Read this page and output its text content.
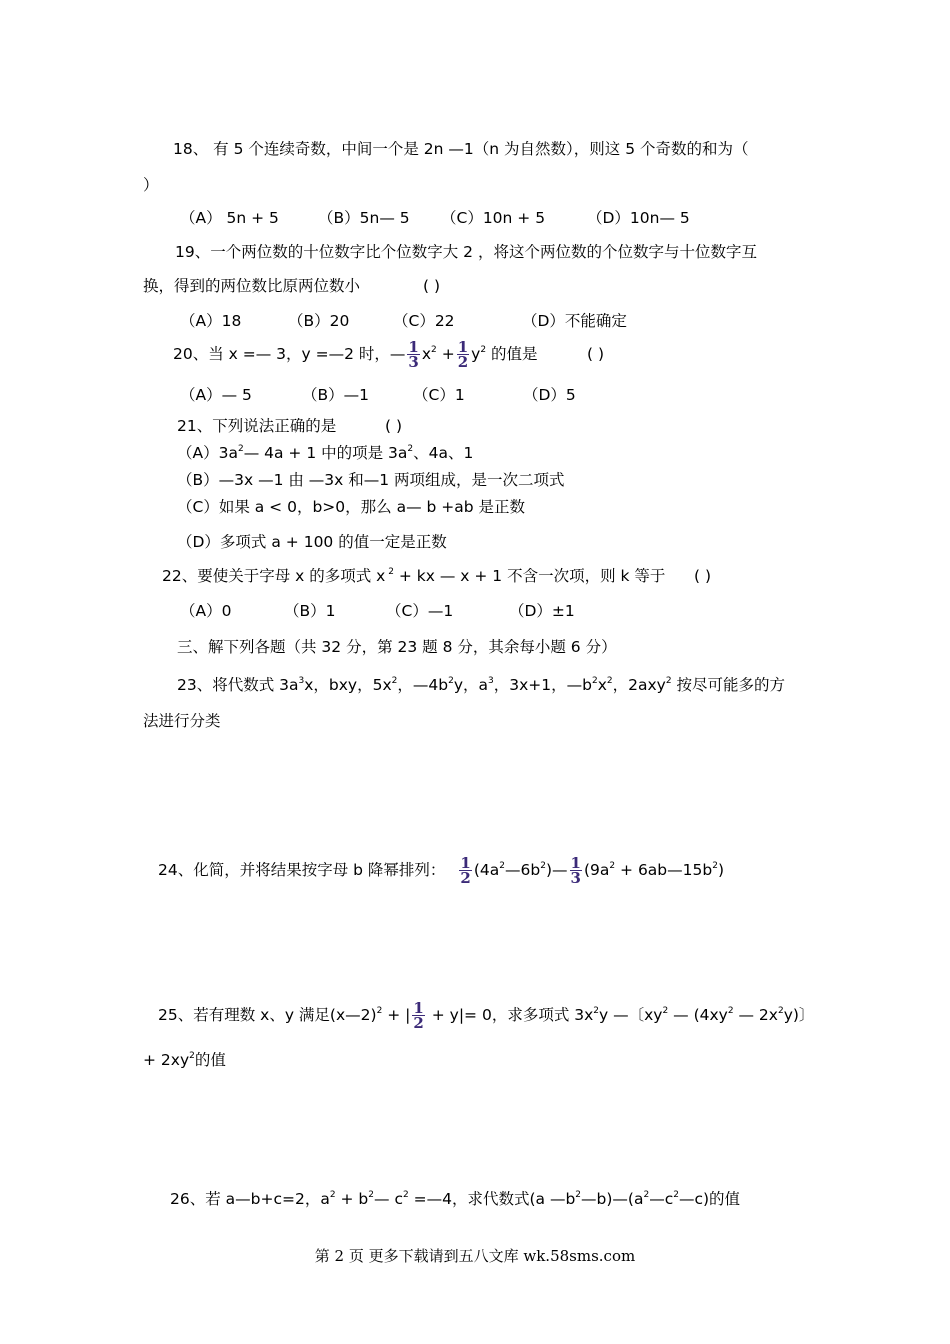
18、 有 5 个连续奇数，中间一个是 2n —1（n 为自然数），则这 5 个奇数的和为（
）
（A） 5n + 5	（B）5n— 5 （C）10n + 5	（D）10n— 5
19、一个两位数的十位数字比个位数字大 2 ，将这个两位数的个位数字与十位数字互
换，得到的两位数比原两位数小	( )
（A）18	（B）20	（C）22	（D）不能确定
20、当 x =— 3，y =—2 时，— $\frac{1}{3} x^2 + \frac{1}{2} y^2$ 的值是	( )
（A）— 5	（B）—1	（C）1	（D）5
21、下列说法正确的是	( )
$(A)3a^2—$ 4a + 1 中的项是 $3a^2$、4a、1
（B）—3x —1 由 —3x 和—1 两项组成，是一次二项式
（C）如果 a < 0，b>0，那么 a— b +ab 是正数
（D）多项式 a + 100 的值一定是正数
22、要使关于字母 x 的多项式 x $^2$ + kx — x + 1 不含一次项，则 k 等于 ( )
（A）0	（B）1	（C）—1	（D）±1
三、解下列各题（共 32 分，第 23 题 8 分，其余每小题 6 分）
23、将代数式 $3a^3x$，bxy，$5x^2$，$—4b^2y$，$a^3$，3x+1，$—b^2x^2$，2axy$^2$ 按尽可能多的方
法进行分类
24、化简，并将结果按字母 b 降幂排列： $\frac{1}{2}$ $(4a^2—6b^2)— \frac{1}{3} (9a^2$ + $6ab—15b^2$)
25、若有理数 x、y 满足(x—2)$^2$ + | $\frac{1}{2} + y|= 0$，求多项式 $3x^2y$ —〔$xy^2$ — ($4xy^2$ — $2x^2y$)〕
+ $2xy^2$的值
26、若 a—b+c=2，$a^2$ + $b^2—$ $c^2$ =—4，求代数式(a $—b^2—b)—(a^2—c^2—c)$的值
第 2 页 更多下载请到五八文库 wk.58sms.com
